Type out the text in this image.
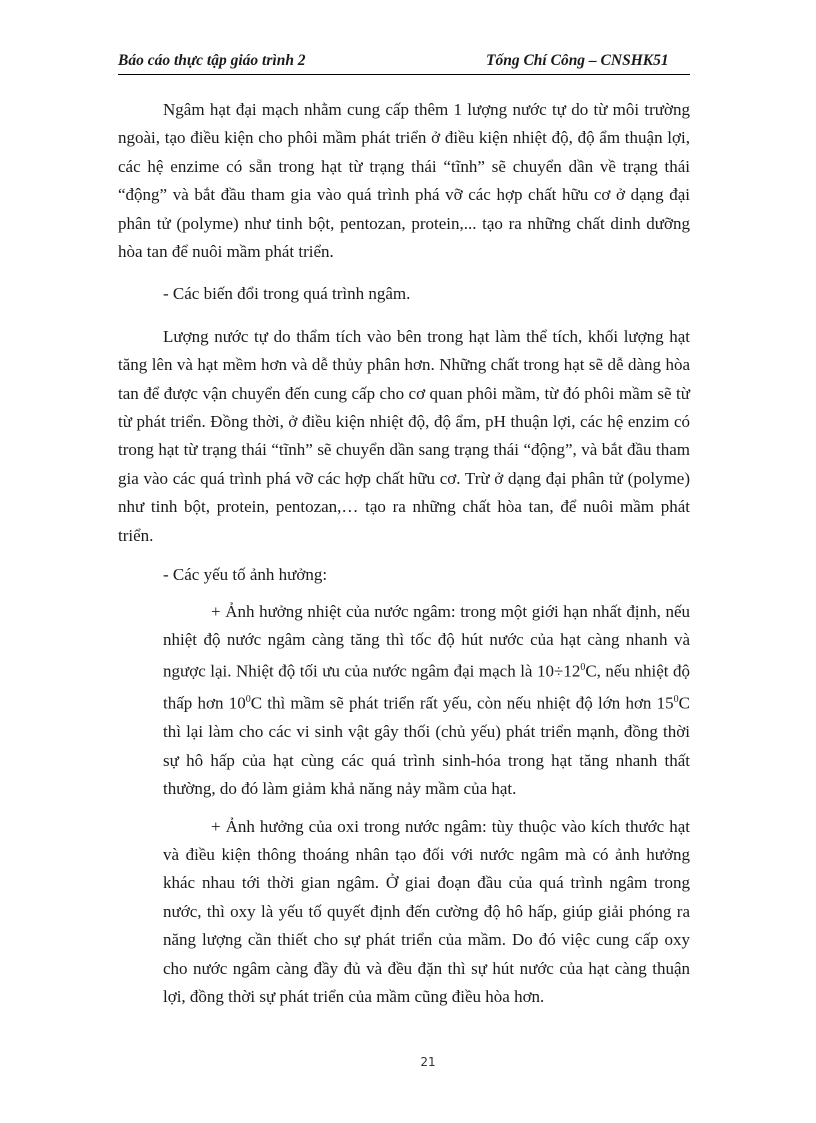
Báo cáo thực tập giáo trình 2	Tống Chí Công – CNSHK51

Ngâm hạt đại mạch nhằm cung cấp thêm 1 lượng nước tự do từ môi trường ngoài, tạo điều kiện cho phôi mầm phát triển ở điều kiện nhiệt độ, độ ẩm thuận lợi, các hệ enzime có sẵn trong hạt từ trạng thái “tĩnh” sẽ chuyển dần về trạng thái “động” và bắt đầu tham gia vào quá trình phá vỡ các hợp chất hữu cơ ở dạng đại phân tử (polyme) như tinh bột, pentozan, protein,... tạo ra những chất dinh dưỡng hòa tan để nuôi mầm phát triển.

- Các biến đổi trong quá trình ngâm.

Lượng nước tự do thẩm tích vào bên trong hạt làm thể tích, khối lượng hạt tăng lên và hạt mềm hơn và dễ thủy phân hơn. Những chất trong hạt sẽ dễ dàng hòa tan để được vận chuyển đến cung cấp cho cơ quan phôi mầm, từ đó phôi mầm sẽ từ từ phát triển. Đồng thời, ở điều kiện nhiệt độ, độ ẩm, pH thuận lợi, các hệ enzim có trong hạt từ trạng thái “tĩnh” sẽ chuyển dần sang trạng thái “động”, và bắt đầu tham gia vào các quá trình phá vỡ các hợp chất hữu cơ. Trừ ở dạng đại phân tử (polyme) như tinh bột, protein, pentozan,… tạo ra những chất hòa tan, để nuôi mầm phát triển.

- Các yếu tố ảnh hưởng:

+ Ảnh hưởng nhiệt của nước ngâm: trong một giới hạn nhất định, nếu nhiệt độ nước ngâm càng tăng thì tốc độ hút nước của hạt càng nhanh và ngược lại. Nhiệt độ tối ưu của nước ngâm đại mạch là $10\div 12^0C$, nếu nhiệt độ thấp hơn $10^0C$ thì mầm sẽ phát triển rất yếu, còn nếu nhiệt độ lớn hơn $15^0C$ thì lại làm cho các vi sinh vật gây thối (chủ yếu) phát triển mạnh, đồng thời sự hô hấp của hạt cùng các quá trình sinh-hóa trong hạt tăng nhanh thất thường, do đó làm giảm khả năng nảy mầm của hạt.

+ Ảnh hưởng của oxi trong nước ngâm: tùy thuộc vào kích thước hạt và điều kiện thông thoáng nhân tạo đối với nước ngâm mà có ảnh hưởng khác nhau tới thời gian ngâm. Ở giai đoạn đầu của quá trình ngâm trong nước, thì oxy là yếu tố quyết định đến cường độ hô hấp, giúp giải phóng ra năng lượng cần thiết cho sự phát triển của mầm. Do đó việc cung cấp oxy cho nước ngâm càng đầy đủ và đều đặn thì sự hút nước của hạt càng thuận lợi, đồng thời sự phát triển của mầm cũng điều hòa hơn.

21
